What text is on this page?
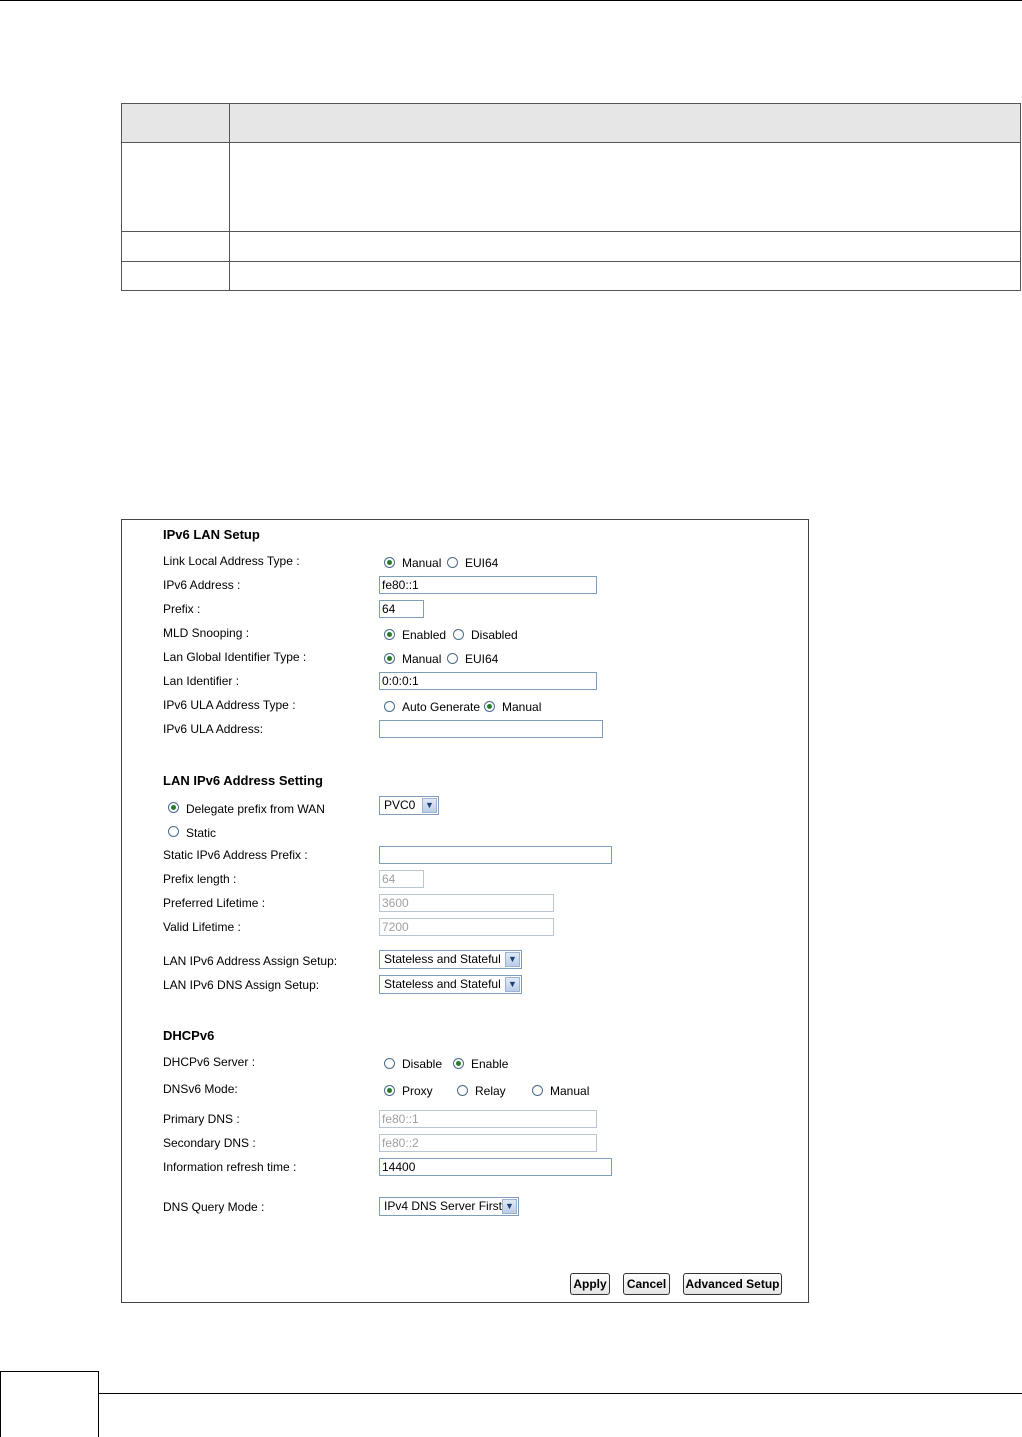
IPv6 LAN Setup
Link Local Address Type :	Manual EUI64
IPv6 Address :	fe80::1
Prefix :	64
MLD Snooping :	Enabled Disabled
Lan Global Identifier Type :	Manual EUI64
Lan Identifier :	0:0:0:1
IPv6 ULA Address Type :	Auto Generate Manual
IPv6 ULA Address:
LAN IPv6 Address Setting
Delegate prefix from WAN	PVC0	▼
Static
Static IPv6 Address Prefix :
Prefix length :	64
Preferred Lifetime :	3600
Valid Lifetime :	7200
LAN IPv6 Address Assign Setup:	Stateless and Stateful ▼
LAN IPv6 DNS Assign Setup:	Stateless and Stateful ▼
DHCPv6
DHCPv6 Server :	Disable Enable
DNSv6 Mode:	Proxy	Relay	Manual
Primary DNS :	fe80::1
Secondary DNS :	fe80::2
Information refresh time :	14400
DNS Query Mode :	IPv4 DNS Server First ▼
Apply	Cancel	Advanced Setup
